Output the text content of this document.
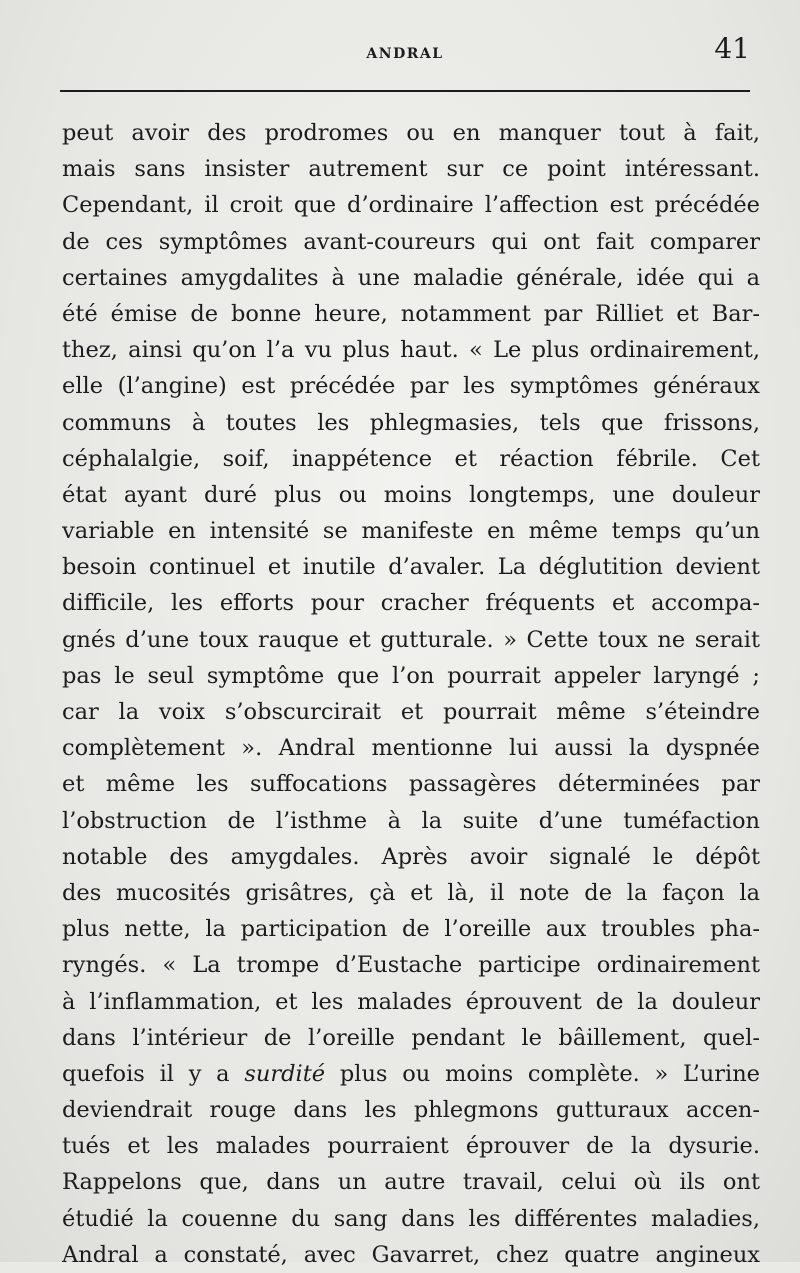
ANDRAL	41
peut avoir des prodromes ou en manquer tout à fait,
mais sans insister autrement sur ce point intéressant.
Cependant, il croit que d’ordinaire l’affection est précédée
de ces symptômes avant-coureurs qui ont fait comparer
certaines amygdalites à une maladie générale, idée qui a
été émise de bonne heure, notamment par Rilliet et Bar-
thez, ainsi qu’on l’a vu plus haut. « Le plus ordinairement,
elle (l’angine) est précédée par les symptômes généraux
communs à toutes les phlegmasies, tels que frissons,
céphalalgie, soif, inappétence et réaction fébrile. Cet
état ayant duré plus ou moins longtemps, une douleur
variable en intensité se manifeste en même temps qu’un
besoin continuel et inutile d’avaler. La déglutition devient
difficile, les efforts pour cracher fréquents et accompa-
gnés d’une toux rauque et gutturale. » Cette toux ne serait
pas le seul symptôme que l’on pourrait appeler laryngé ;
car la voix s’obscurcirait et pourrait même s’éteindre
complètement ». Andral mentionne lui aussi la dyspnée
et même les suffocations passagères déterminées par
l’obstruction de l’isthme à la suite d’une tuméfaction
notable des amygdales. Après avoir signalé le dépôt
des mucosités grisâtres, çà et là, il note de la façon la
plus nette, la participation de l’oreille aux troubles pha-
ryngés. « La trompe d’Eustache participe ordinairement
à l’inflammation, et les malades éprouvent de la douleur
dans l’intérieur de l’oreille pendant le bâillement, quel-
quefois il y a surdité plus ou moins complète. » L’urine
deviendrait rouge dans les phlegmons gutturaux accen-
tués et les malades pourraient éprouver de la dysurie.
Rappelons que, dans un autre travail, celui où ils ont
étudié la couenne du sang dans les différentes maladies,
Andral a constaté, avec Gavarret, chez quatre angineux
